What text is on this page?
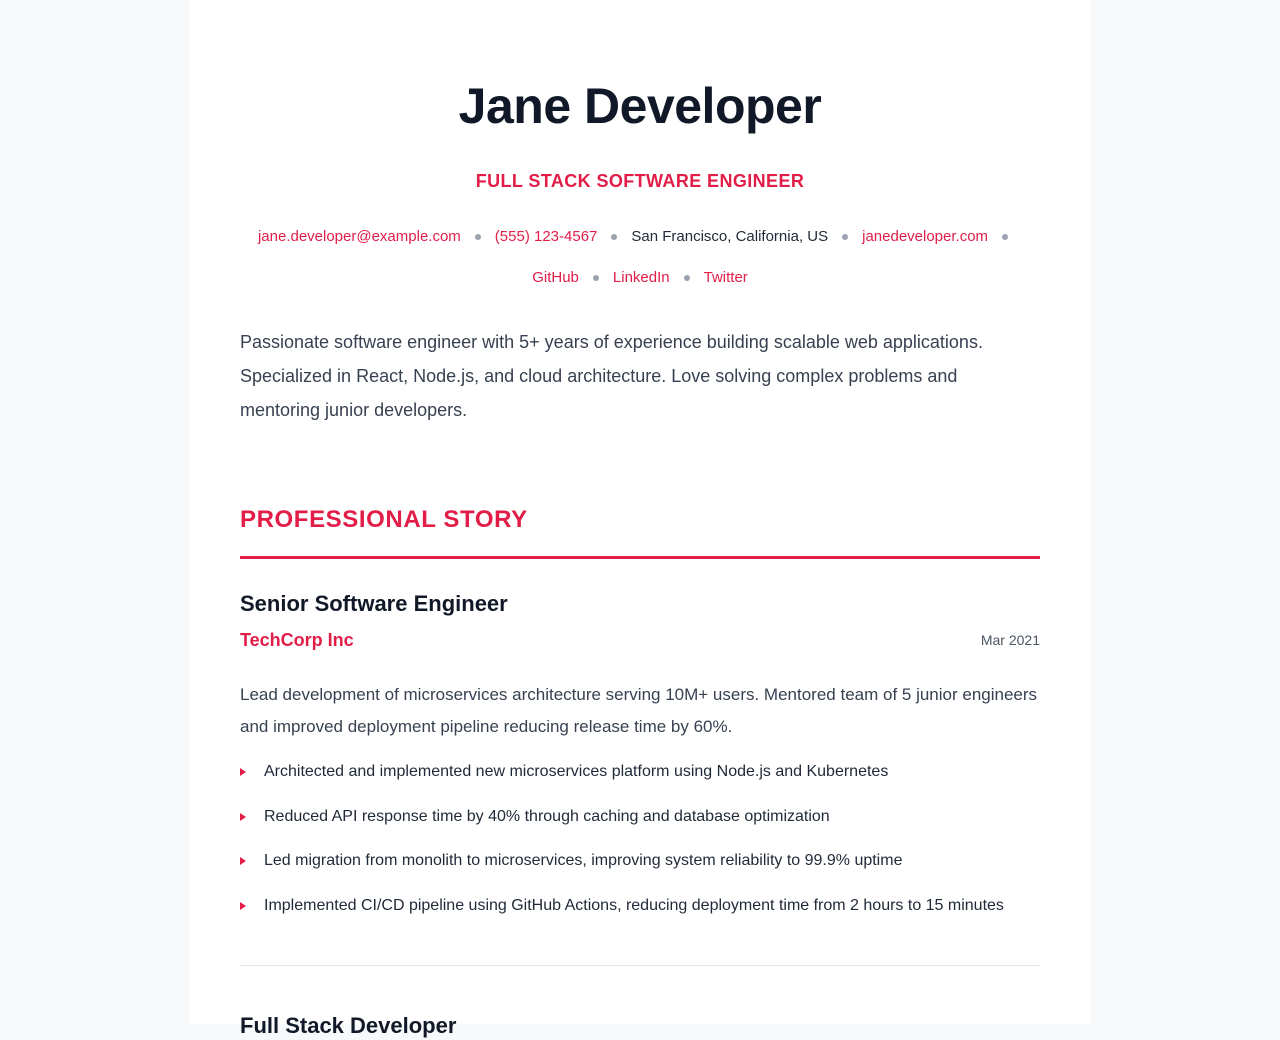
Jane Developer
FULL STACK SOFTWARE ENGINEER
jane.developer@example.com (555) 123-4567 San Francisco, California, US janedeveloper.com
GitHub LinkedIn Twitter

Passionate software engineer with 5+ years of experience building scalable web applications. Specialized in React, Node.js, and cloud architecture. Love solving complex problems and mentoring junior developers.

PROFESSIONAL STORY
Senior Software Engineer
TechCorp Inc	Mar 2021
Lead development of microservices architecture serving 10M+ users. Mentored team of 5 junior engineers and improved deployment pipeline reducing release time by 60%.
Architected and implemented new microservices platform using Node.js and Kubernetes
Reduced API response time by 40% through caching and database optimization
Led migration from monolith to microservices, improving system reliability to 99.9% uptime
Implemented CI/CD pipeline using GitHub Actions, reducing deployment time from 2 hours to 15 minutes
Full Stack Developer
